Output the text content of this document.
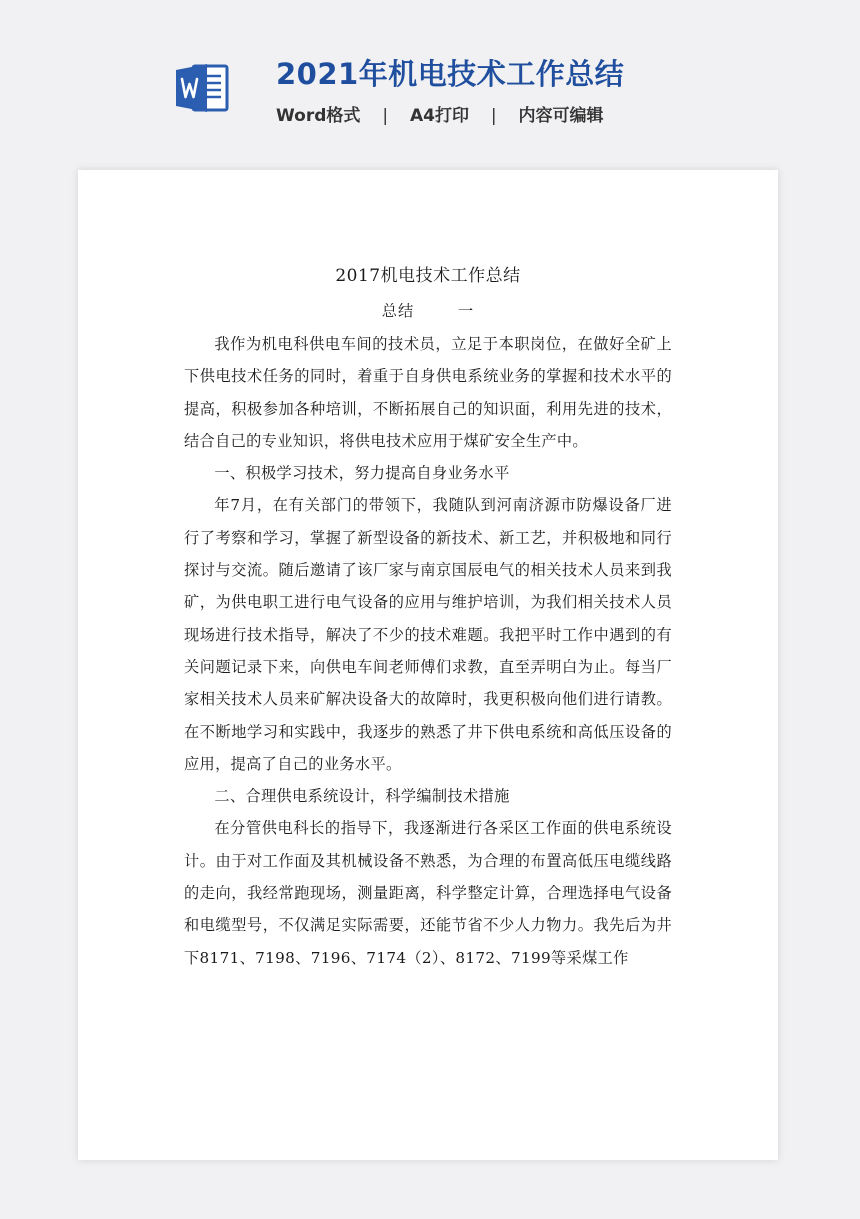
2021年机电技术工作总结
Word格式 | A4打印 | 内容可编辑
2017机电技术工作总结
总结 一

我作为机电科供电车间的技术员，立足于本职岗位，在做好全矿上下供电技术任务的同时，着重于自身供电系统业务的掌握和技术水平的提高，积极参加各种培训，不断拓展自己的知识面，利用先进的技术，结合自己的专业知识，将供电技术应用于煤矿安全生产中。

一、积极学习技术，努力提高自身业务水平

年7月，在有关部门的带领下，我随队到河南济源市防爆设备厂进行了考察和学习，掌握了新型设备的新技术、新工艺，并积极地和同行探讨与交流。随后邀请了该厂家与南京国辰电气的相关技术人员来到我矿，为供电职工进行电气设备的应用与维护培训，为我们相关技术人员现场进行技术指导，解决了不少的技术难题。我把平时工作中遇到的有关问题记录下来，向供电车间老师傅们求教，直至弄明白为止。每当厂家相关技术人员来矿解决设备大的故障时，我更积极向他们进行请教。在不断地学习和实践中，我逐步的熟悉了井下供电系统和高低压设备的应用，提高了自己的业务水平。

二、合理供电系统设计，科学编制技术措施

在分管供电科长的指导下，我逐渐进行各采区工作面的供电系统设计。由于对工作面及其机械设备不熟悉，为合理的布置高低压电缆线路的走向，我经常跑现场，测量距离，科学整定计算，合理选择电气设备和电缆型号，不仅满足实际需要，还能节省不少人力物力。我先后为井下8171、7198、7196、7174（2）、8172、7199等采煤工作
